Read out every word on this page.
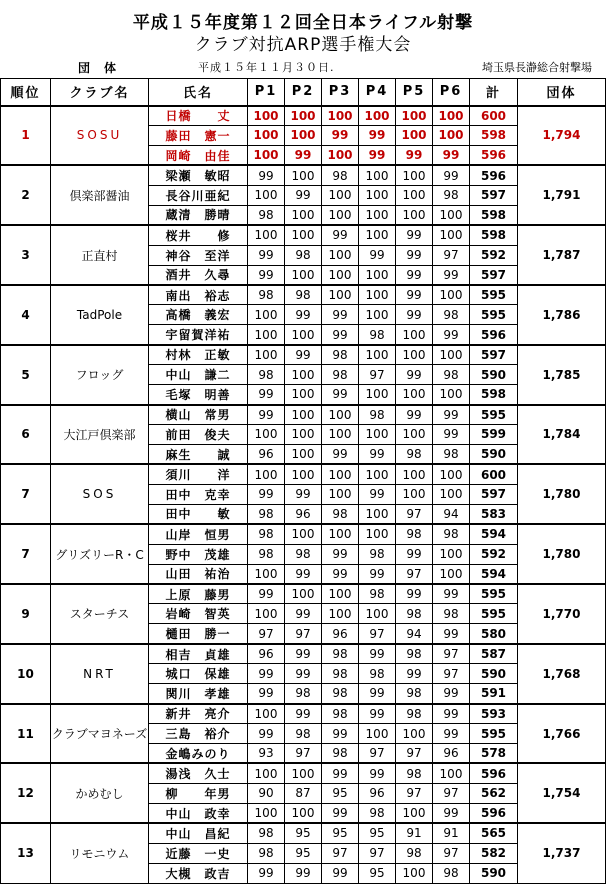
平成１５年度第１２回全日本ライフル射撃
クラブ対抗ARP選手権大会
団体	平成１５年１１月３０日.	埼玉県長瀞総合射撃場
順位	クラブ名	氏名	P1	P2	P3	P4	P5	P6	計	団体
1	SOSU	日橋　　丈	100	100	100	100	100	100	600	1,794
		藤田　憲一	100	100	99	99	100	100	598	
		岡崎　由佳	100	99	100	99	99	99	596	
2	倶楽部醤油	梁瀬　敏昭	99	100	98	100	100	99	596	1,791
		長谷川亜紀	100	99	100	100	100	98	597	
		蔵清　勝晴	98	100	100	100	100	100	598	
3	正直村	桜井　　修	100	100	99	100	99	100	598	1,787
		神谷　至洋	99	98	100	99	99	97	592	
		酒井　久尋	99	100	100	100	99	99	597	
4	TadPole	南出　裕志	98	98	100	100	99	100	595	1,786
		高橋　義宏	100	99	99	100	99	98	595	
		宇留賀洋祐	100	100	99	98	100	99	596	
5	フロッグ	村林　正敏	100	99	98	100	100	100	597	1,785
		中山　謙二	98	100	98	97	99	98	590	
		毛塚　明善	99	100	99	100	100	100	598	
6	大江戸倶楽部	横山　常男	99	100	100	98	99	99	595	1,784
		前田　俊夫	100	100	100	100	100	99	599	
		麻生　　誠	96	100	99	99	98	98	590	
7	SOS	須川　　洋	100	100	100	100	100	100	600	1,780
		田中　克幸	99	99	100	99	100	100	597	
		田中　　敏	98	96	98	100	97	94	583	
7	グリズリーR・C	山岸　恒男	98	100	100	100	98	98	594	1,780
		野中　茂雄	98	98	99	98	99	100	592	
		山田　祐治	100	99	99	99	97	100	594	
9	スターチス	上原　藤男	99	100	100	98	99	99	595	1,770
		岩崎　智英	100	99	100	100	98	98	595	
		樋田　勝一	97	97	96	97	94	99	580	
10	NRT	相吉　貞雄	96	99	98	99	98	97	587	1,768
		城口　保雄	99	99	98	98	99	97	590	
		関川　孝雄	99	98	98	99	98	99	591	
11	クラブマヨネーズ	新井　亮介	100	99	98	99	98	99	593	1,766
		三島　裕介	99	98	99	100	100	99	595	
		金嶋みのり	93	97	98	97	97	96	578	
12	かめむし	湯浅　久士	100	100	99	99	98	100	596	1,754
		柳　　年男	90	87	95	96	97	97	562	
		中山　政幸	100	100	99	98	100	99	596	
13	リモニウム	中山　昌紀	98	95	95	95	91	91	565	1,737
		近藤　一史	98	95	97	97	98	97	582	
		大槻　政吉	99	99	99	95	100	98	590	
